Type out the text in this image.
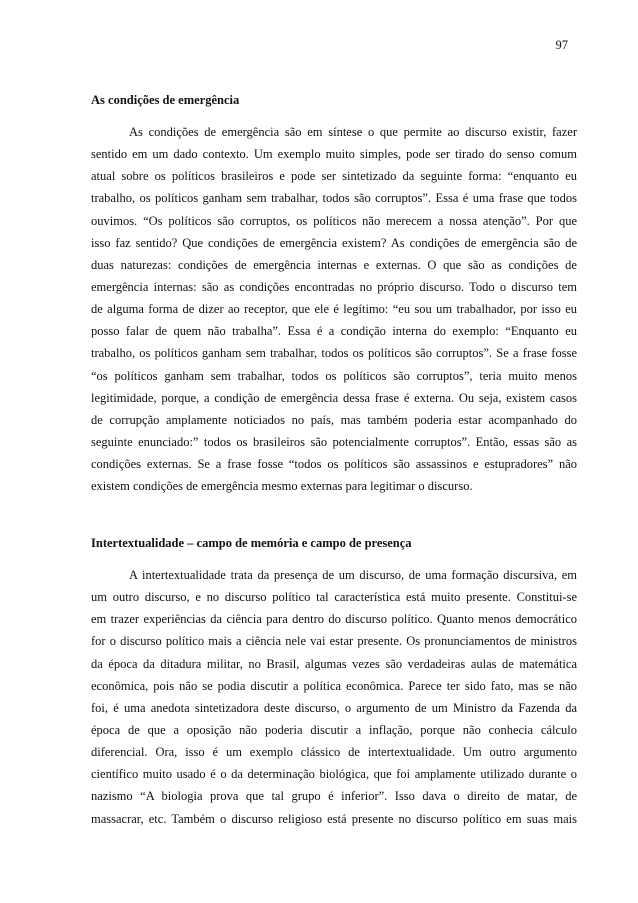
97

As condições de emergência

As condições de emergência são em síntese o que permite ao discurso existir, fazer
sentido em um dado contexto. Um exemplo muito simples, pode ser tirado do senso comum
atual sobre os políticos brasileiros e pode ser sintetizado da seguinte forma: “enquanto eu
trabalho, os políticos ganham sem trabalhar, todos são corruptos”. Essa é uma frase que todos
ouvimos. “Os políticos são corruptos, os políticos não merecem a nossa atenção”. Por que
isso faz sentido? Que condições de emergência existem? As condições de emergência são de
duas naturezas: condições de emergência internas e externas. O que são as condições de
emergência internas: são as condições encontradas no próprio discurso. Todo o discurso tem
de alguma forma de dizer ao receptor, que ele é legítimo: “eu sou um trabalhador, por isso eu
posso falar de quem não trabalha”. Essa é a condição interna do exemplo: “Enquanto eu
trabalho, os políticos ganham sem trabalhar, todos os políticos são corruptos”. Se a frase fosse
“os políticos ganham sem trabalhar, todos os políticos são corruptos”, teria muito menos
legitimidade, porque, a condição de emergência dessa frase é externa. Ou seja, existem casos
de corrupção amplamente noticiados no país, mas também poderia estar acompanhado do
seguinte enunciado:” todos os brasileiros são potencialmente corruptos”. Então, essas são as
condições externas. Se a frase fosse “todos os políticos são assassinos e estupradores” não
existem condições de emergência mesmo externas para legitimar o discurso.

Intertextualidade – campo de memória e campo de presença

A intertextualidade trata da presença de um discurso, de uma formação discursiva, em
um outro discurso, e no discurso político tal característica está muito presente. Constitui-se
em trazer experiências da ciência para dentro do discurso político. Quanto menos democrático
for o discurso político mais a ciência nele vai estar presente. Os pronunciamentos de ministros
da época da ditadura militar, no Brasil, algumas vezes são verdadeiras aulas de matemática
econômica, pois não se podia discutir a política econômica. Parece ter sido fato, mas se não
foi, é uma anedota sintetizadora deste discurso, o argumento de um Ministro da Fazenda da
época de que a oposição não poderia discutir a inflação, porque não conhecia cálculo
diferencial. Ora, isso é um exemplo clássico de intertextualidade. Um outro argumento
científico muito usado é o da determinação biológica, que foi amplamente utilizado durante o
nazismo “A biologia prova que tal grupo é inferior”. Isso dava o direito de matar, de
massacrar, etc. Também o discurso religioso está presente no discurso político em suas mais
